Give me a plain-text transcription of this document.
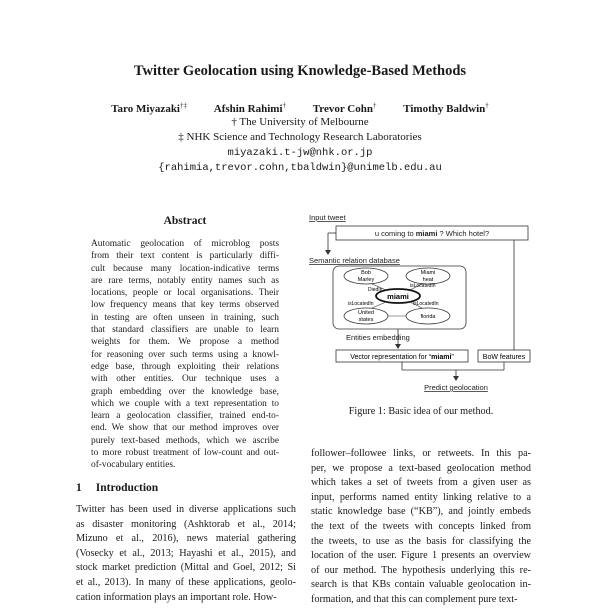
Twitter Geolocation using Knowledge-Based Methods
Taro Miyazaki†‡ Afshin Rahimi† Trevor Cohn† Timothy Baldwin†
† The University of Melbourne
‡ NHK Science and Technology Research Laboratories
miyazaki.t-jw@nhk.or.jp
{rahimia,trevor.cohn,tbaldwin}@unimelb.edu.au
Abstract
Automatic geolocation of microblog posts
from their text content is particularly diffi-
cult because many location-indicative terms
are rare terms, notably entity names such as
locations, people or local organisations. Their
low frequency means that key terms observed
in testing are often unseen in training, such
that standard classifiers are unable to learn
weights for them. We propose a method
for reasoning over such terms using a knowl-
edge base, through exploiting their relations
with other entities. Our technique uses a
graph embedding over the knowledge base,
which we couple with a text representation to
learn a geolocation classifier, trained end-to-
end. We show that our method improves over
purely text-based methods, which we ascribe
to more robust treatment of low-count and out-
of-vocabulary entities.
1 Introduction
Twitter has been used in diverse applications such
as disaster monitoring (Ashktorab et al., 2014;
Mizuno et al., 2016), news material gathering
(Vosecky et al., 2013; Hayashi et al., 2015), and
stock market prediction (Mittal and Goel, 2012; Si
et al., 2013). In many of these applications, geolo-
cation information plays an important role. How-
follower–followee links, or retweets. In this pa-
per, we propose a text-based geolocation method
which takes a set of tweets from a given user as
input, performs named entity linking relative to a
static knowledge base (“KB”), and jointly embeds
the text of the tweets with concepts linked from
the tweets, to use as the basis for classifying the
location of the user. Figure 1 presents an overview
of our method. The hypothesis underlying this re-
search is that KBs contain valuable geolocation in-
formation, and that this can complement pure text-
Input tweet
u coming to miami ? Which hotel?
Semantic relation database
Bob
Marley
Miami
heat
miami
United
states	florida
DiedIn
isLocatedIn
isLocatedIn	isLocatedIn
Entities embedding
Vector representation for “miami”	BoW features
Predict geolocation
Figure 1: Basic idea of our method.
